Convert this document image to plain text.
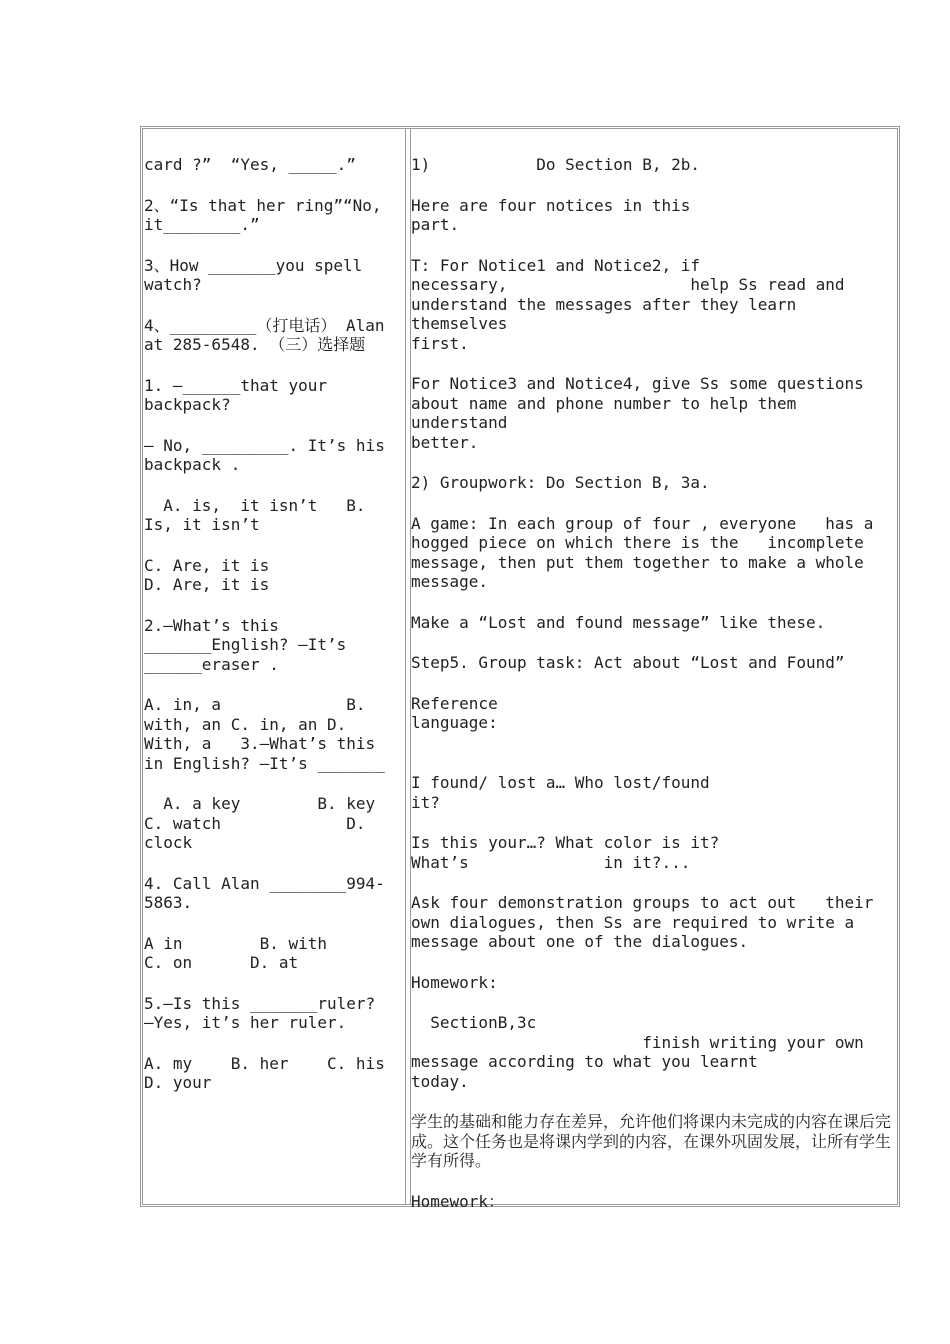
card ?”  “Yes, _____.”

2、“Is that her ring”“No, it________.”

3、How _______you spell watch?

4、_________（打电话） Alan at 285-6548. （三）选择题

1. —______that your backpack?

— No, _________. It’s his backpack .

A. is,  it isn’t   B. Is, it isn’t

C. Are, it is            D. Are, it is

2.—What’s this _______English? —It’s ______eraser .

A. in, a             B. with, an C. in, an D. With, a   3.—What’s this in English? —It’s _______

A. a key        B. key C. watch             D. clock

4. Call Alan ________994-5863.

A in        B. with
C. on      D. at

5.—Is this _______ruler?
—Yes, it’s her ruler.

A. my    B. her    C. his
D. your

1)           Do Section B, 2b.

Here are four notices in this
part.

T: For Notice1 and Notice2, if
necessary,                   help Ss read and
understand the messages after they learn themselves
first.

For Notice3 and Notice4, give Ss some questions
about name and phone number to help them understand
better.

2) Groupwork: Do Section B, 3a.

A game: In each group of four , everyone   has a
hogged piece on which there is the   incomplete
message, then put them together to make a whole
message.

Make a “Lost and found message” like these.

Step5. Group task: Act about “Lost and Found”

Reference
language:

I found/ lost a… Who lost/found
it?

Is this your…? What color is it?
What’s              in it?...

Ask four demonstration groups to act out   their
own dialogues, then Ss are required to write a
message about one of the dialogues.

Homework:

SectionB,3c
finish writing your own
message according to what you learnt
today.

学生的基础和能力存在差异，允许他们将课内未完成的内容在课后完成。这个任务也是将课内学到的内容，在课外巩固发展，让所有学生学有所得。

Homework：
